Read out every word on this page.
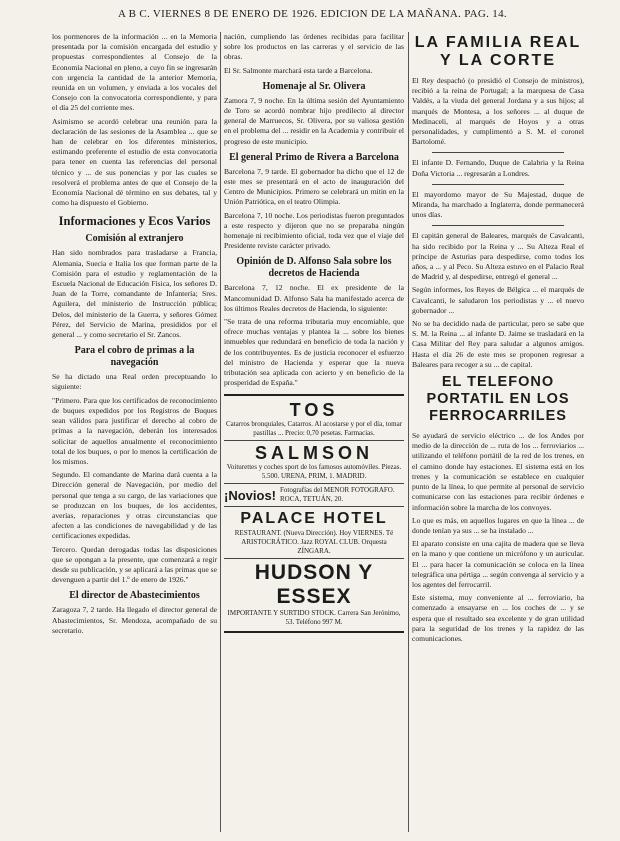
A B C. VIERNES 8 DE ENERO DE 1926. EDICION DE LA MAÑANA. PAG. 14.

los pormenores de la información ... en la Memoria presentada por la comisión encargada del estudio y propuestas correspondientes al Consejo de la Economía Nacional en pleno, a cuyo fin se ingresarán con urgencia la cantidad de la anterior Memoria, reunida en un volumen, y enviada a los vocales del Consejo con la convocatoria correspondiente, y para el día 25 del corriente mes.

Asimismo se acordó celebrar una reunión para la declaración de las sesiones de la Asamblea ... que se han de celebrar en los diferentes ministerios, estimando preferente el estudio de esta convocatoria para tener en cuenta las referencias del personal técnico y ... de sus ponencias y por las cuales se resolverá el problema antes de que el Consejo de la Economía Nacional dé término en sus debates, tal y como ha dispuesto el Gobierno.

Informaciones y Ecos Varios
Comisión al extranjero

Han sido nombrados para trasladarse a Francia, Alemania, Suecia e Italia los que forman parte de la Comisión para el estudio y reglamentación de la Escuela Nacional de Educación Física, los señores D. Juan de la Torre, comandante de Infantería; Sres. Aguilera, del ministerio de Instrucción pública; Delos, del ministerio de la Guerra, y señores Gómez Pérez, del Servicio de Marina, presididos por el general ... y como secretario el Sr. Zancos.

Para el cobro de primas a la navegación

Se ha dictado una Real orden preceptuando lo siguiente:

"Primero. Para que los certificados de reconocimiento de buques expedidos por los Registros de Buques sean válidos para justificar el derecho al cobro de primas a la navegación, deberán los interesados solicitar de aquellos anualmente el reconocimiento total de los buques, o por lo menos la certificación de los mismos.

Segundo. El comandante de Marina dará cuenta a la Dirección general de Navegación, por medio del personal que tenga a su cargo, de las variaciones que se produzcan en los buques, de los accidentes, averías, reparaciones y otras circunstancias que afecten a las condiciones de navegabilidad y de las certificaciones expedidas.

Tercero. Quedan derogadas todas las disposiciones que se opongan a la presente, que comenzará a regir desde su publicación, y se aplicará a las primas que se devenguen a partir del 1.º de enero de 1926."

El director de Abastecimientos

Zaragoza 7, 2 tarde. Ha llegado el director general de Abastecimientos, Sr. Mendoza, acompañado de su secretario.

nación, cumpliendo las órdenes recibidas para facilitar sobre los productos en las carreras y el servicio de las obras.

El Sr. Salmonte marchará esta tarde a Barcelona.

Homenaje al Sr. Olivera

Zamora 7, 9 noche. En la última sesión del Ayuntamiento de Toro se acordó nombrar hijo predilecto al director general de Marruecos, Sr. Olivera, por su valiosa gestión en el problema del ... residir en la Academia y contribuir el progreso de este municipio.

El general Primo de Rivera a Barcelona

Barcelona 7, 9 tarde. El gobernador ha dicho que el 12 de este mes se presentará en el acto de inauguración del Centro de Municipios. Primero se celebrará un mitin en la Unión Patriótica, en el teatro Olimpia.

Barcelona 7, 10 noche. Los periodistas fueron preguntados a este respecto y dijeron que no se preparaba ningún homenaje ni recibimiento oficial, toda vez que el viaje del Presidente reviste carácter privado.

Opinión de D. Alfonso Sala sobre los decretos de Hacienda

Barcelona 7, 12 noche. El ex presidente de la Mancomunidad D. Alfonso Sala ha manifestado acerca de los últimos Reales decretos de Hacienda, lo siguiente:

"Se trata de una reforma tributaria muy encomiable, que ofrece muchas ventajas y plantea la ... sobre los bienes inmuebles que redundará en beneficio de toda la nación y de los contribuyentes. Es de justicia reconocer el esfuerzo del ministro de Hacienda y esperar que la nueva tributación sea aplicada con acierto y en beneficio de la prosperidad de España."

TOS
Catarros bronquiales, Catarros. Al acostarse y por el día, tomar pastillas ... Precio: 0,70 pesetas. Farmacias.
SALMSON
Voiturettes y coches sport de los famosos automóviles. Piezas. 5.500. URENA, PRIM, 1. MADRID.
¡Novios! Fotografías del MENOR FOTOGRAFO. ROCA, TETUÁN, 20.
PALACE HOTEL
RESTAURANT. (Nueva Dirección). Hoy VIERNES. Té ARISTOCRÁTICO. Jazz ROYAL CLUB. Orquesta ZÍNGARA.
HUDSON Y ESSEX
IMPORTANTE Y SURTIDO STOCK. Carrera San Jerónimo, 53. Teléfono 997 M.
LA FAMILIA REAL Y LA CORTE

El Rey despachó (o presidió el Consejo de ministros), recibió a la reina de Portugal; a la marquesa de Casa Valdés, a la viuda del general Jordana y a sus hijos; al marqués de Montesa, a los señores ... al duque de Medinaceli, al marqués de Hoyos y a otras personalidades, y cumplimentó a S. M. el coronel Bartolomé.

El infante D. Fernando, Duque de Calabria y la Reina Doña Victoria ... regresarán a Londres.

El mayordomo mayor de Su Majestad, duque de Miranda, ha marchado a Inglaterra, donde permanecerá unos días.

El capitán general de Baleares, marqués de Cavalcanti, ha sido recibido por la Reina y ... Su Alteza Real el príncipe de Asturias para despedirse, como todos los años, a ... y al Peco. Su Alteza estuvo en el Palacio Real de Madrid y, al despedirse, entregó el general ...

Según informes, los Reyes de Bélgica ... el marqués de Cavalcanti, le saludaron los periodistas y ... el nuevo gobernador ...

No se ha decidido nada de particular, pero se sabe que S. M. la Reina ... al infante D. Jaime se trasladará en la Casa Militar del Rey para saludar a algunos amigos. Hasta el día 26 de este mes se proponen regresar a Baleares para recoger a su ... de capital.

EL TELEFONO PORTATIL EN LOS FERROCARRILES

Se ayudará de servicio eléctrico ... de los Andes por medio de la dirección de ... ruta de los ... ferroviarios ... utilizando el teléfono portátil de la red de los trenes, en el camino donde hay estaciones. El sistema está en los trenes y la comunicación se establece en cualquier punto de la línea, lo que permite al personal de servicio comunicarse con las estaciones para recibir órdenes e información sobre la marcha de los convoyes.

Lo que es más, en aquellos lugares en que la línea ... de donde tenían ya sus ... se ha instalado ...

El aparato consiste en una cajita de madera que se lleva en la mano y que contiene un micrófono y un auricular. El ... para hacer la comunicación se coloca en la línea telegráfica una pértiga ... según convenga al servicio y a los agentes del ferrocarril.

Este sistema, muy conveniente al ... ferroviario, ha comenzado a ensayarse en ... los coches de ... y se espera que el resultado sea excelente y de gran utilidad para la seguridad de los trenes y la rapidez de las comunicaciones.
